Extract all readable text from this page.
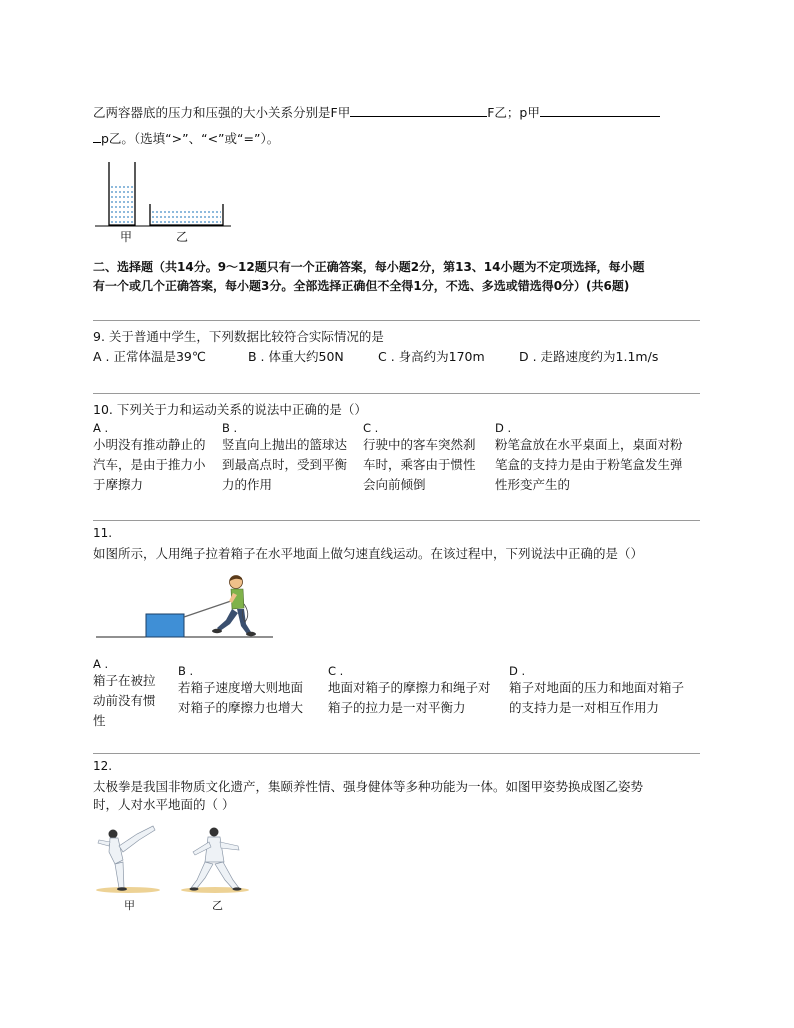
乙两容器底的压力和压强的大小关系分别是F甲	F乙；p甲
p乙。（选填“>”、“<”或“=”）。
甲	乙
二、选择题（共14分。9～12题只有一个正确答案，每小题2分，第13、14小题为不定项选择，每小题
有一个或几个正确答案，每小题3分。全部选择正确但不全得1分，不选、多选或错选得0分）(共6题)
9. 关于普通中学生，下列数据比较符合实际情况的是
A . 正常体温是39℃	B . 体重大约50N	C . 身高约为170m	D . 走路速度约为1.1m/s
10. 下列关于力和运动关系的说法中正确的是（）
A .
小明没有推动静止的
汽车，是由于推力小
于摩擦力
B .
竖直向上抛出的篮球达
到最高点时，受到平衡
力的作用
C .
行驶中的客车突然刹
车时，乘客由于惯性
会向前倾倒
D .
粉笔盒放在水平桌面上，桌面对粉
笔盒的支持力是由于粉笔盒发生弹
性形变产生的
11.
如图所示，人用绳子拉着箱子在水平地面上做匀速直线运动。在该过程中，下列说法中正确的是（）
A .
箱子在被拉
动前没有惯
性
B .
若箱子速度增大则地面
对箱子的摩擦力也增大
C .
地面对箱子的摩擦力和绳子对
箱子的拉力是一对平衡力
D .
箱子对地面的压力和地面对箱子
的支持力是一对相互作用力
12.
太极拳是我国非物质文化遗产，集颐养性情、强身健体等多种功能为一体。如图甲姿势换成图乙姿势
时，人对水平地面的（ ）
甲	乙
